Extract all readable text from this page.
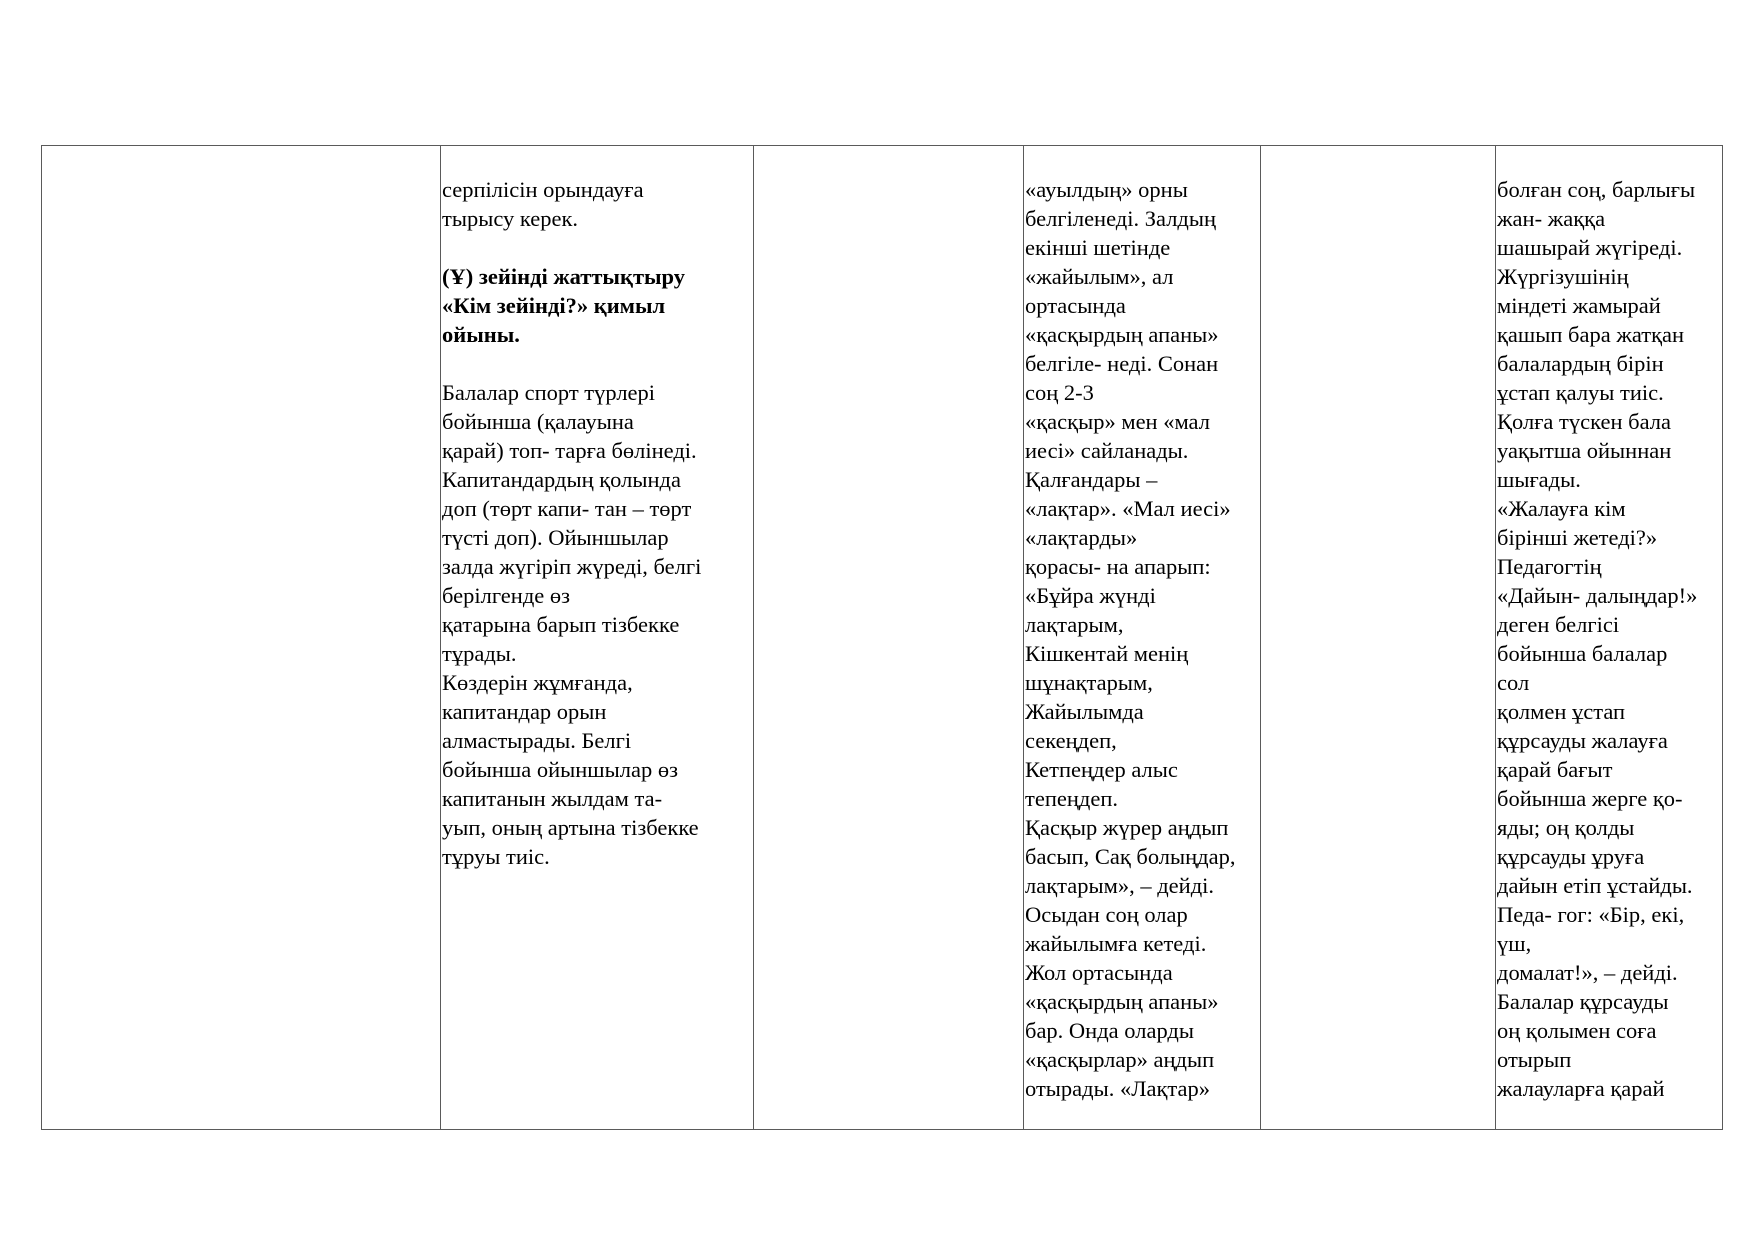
серпілісін орындауға
тырысу керек.

(Ұ) зейінді жаттықтыру
«Кім зейінді?» қимыл
ойыны.

Балалар спорт түрлері
бойынша (қалауына
қарай) топ- тарға бөлінеді.
Капитандардың қолында
доп (төрт капи- тан – төрт
түсті доп). Ойыншылар
залда жүгіріп жүреді, белгі
берілгенде өз
қатарына барып тізбекке
тұрады.
Көздерін жұмғанда,
капитандар орын
алмастырады. Белгі
бойынша ойыншылар өз
капитанын жылдам та-
уып, оның артына тізбекке
тұруы тиіс.

«ауылдың» орны
белгіленеді. Залдың
екінші шетінде
«жайылым», ал
ортасында
«қасқырдың апаны»
белгіле- неді. Сонан
соң 2-3
«қасқыр» мен «мал
иесі» сайланады.
Қалғандары –
«лақтар». «Мал иесі»
«лақтарды»
қорасы- на апарып:
«Бұйра жүнді
лақтарым,
Кішкентай менің
шұнақтарым,
Жайылымда
секеңдеп,
Кетпеңдер алыс
тепеңдеп.
Қасқыр жүрер аңдып
басып, Сақ болыңдар,
лақтарым», – дейді.
Осыдан соң олар
жайылымға кетеді.
Жол ортасында
«қасқырдың апаны»
бар. Онда оларды
«қасқырлар» аңдып
отырады. «Лақтар»

болған соң, барлығы
жан- жаққа
шашырай жүгіреді.
Жүргізушінің
міндеті жамырай
қашып бара жатқан
балалардың бірін
ұстап қалуы тиіс.
Қолға түскен бала
уақытша ойыннан
шығады.
«Жалауға кім
бірінші жетеді?»
Педагогтің
«Дайын- далыңдар!»
деген белгісі
бойынша балалар
сол
қолмен ұстап
құрсауды жалауға
қарай бағыт
бойынша жерге қо-
яды; оң қолды
құрсауды ұруға
дайын етіп ұстайды.
Педа- гог: «Бір, екі,
үш,
домалат!», – дейді.
Балалар құрсауды
оң қолымен соға
отырып
жалауларға қарай
